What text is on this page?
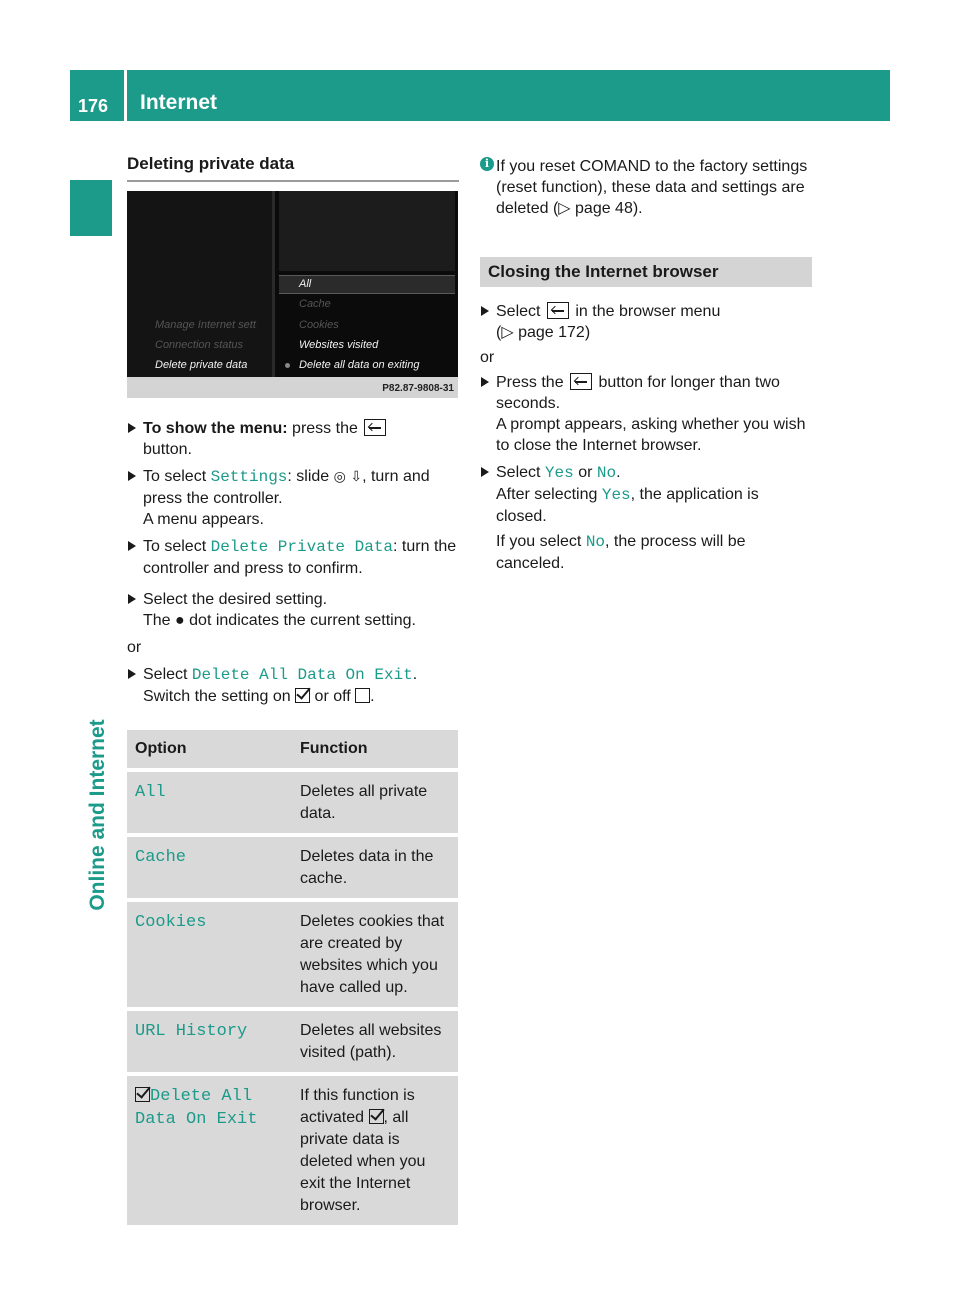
176 Internet
Online and Internet
Deleting private data
Manage Internet sett
Connection status
Delete private data
All
Cache
Cookies
Websites visited
Delete all data on exiting
P82.87-9808-31
To show the menu: press the
button.
To select Settings: slide ◎ ⇩, turn and press the controller.
A menu appears.
To select Delete Private Data: turn the controller and press to confirm.
Select the desired setting.
The ● dot indicates the current setting.
or
Select Delete All Data On Exit.
Switch the setting on or off .
Option	Function
All	Deletes all private data.
Cache	Deletes data in the cache.
Cookies	Deletes cookies that are created by websites which you have called up.
URL History	Deletes all websites visited (path).

Delete All
Data On Exit	If this function is activated , all private data is deleted when you exit the Internet browser.
i If you reset COMAND to the factory settings (reset function), these data and settings are deleted (▷ page 48).
Closing the Internet browser
Select in the browser menu
(▷ page 172)
or
Press the button for longer than two seconds.
A prompt appears, asking whether you wish to close the Internet browser.
Select Yes or No.
After selecting Yes, the application is closed.
If you select No, the process will be canceled.
